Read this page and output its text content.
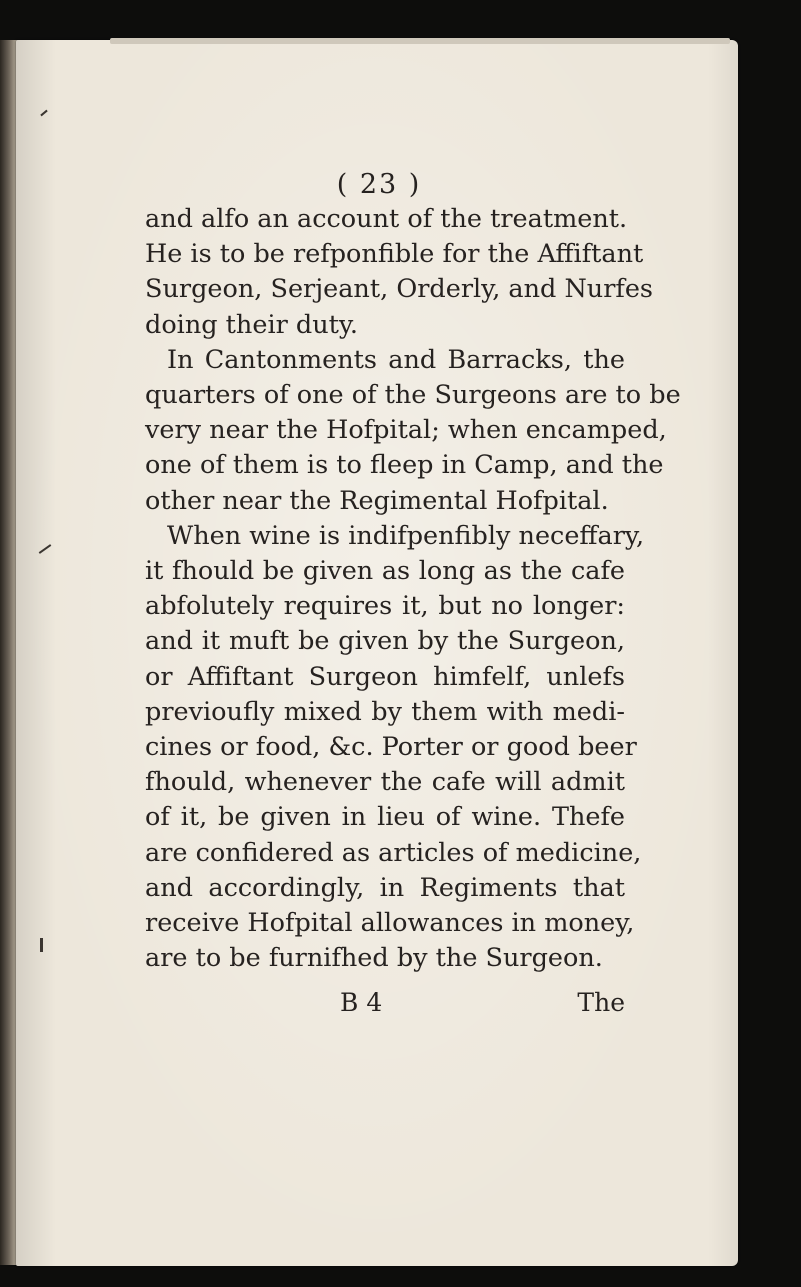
( 23 )
and alfo an account of the treatment.
He is to be refponfible for the Affiftant
Surgeon, Serjeant, Orderly, and Nurfes
doing their duty.
In Cantonments and Barracks, the
quarters of one of the Surgeons are to be
very near the Hofpital; when encamped,
one of them is to fleep in Camp, and the
other near the Regimental Hofpital.
When wine is indifpenfibly neceffary,
it fhould be given as long as the cafe
abfolutely requires it, but no longer:
and it muft be given by the Surgeon,
or Affiftant Surgeon himfelf, unlefs
previoufly mixed by them with medi-
cines or food, &c. Porter or good beer
fhould, whenever the cafe will admit
of it, be given in lieu of wine. Thefe
are confidered as articles of medicine,
and accordingly, in Regiments that
receive Hofpital allowances in money,
are to be furnifhed by the Surgeon.
B 4	The
